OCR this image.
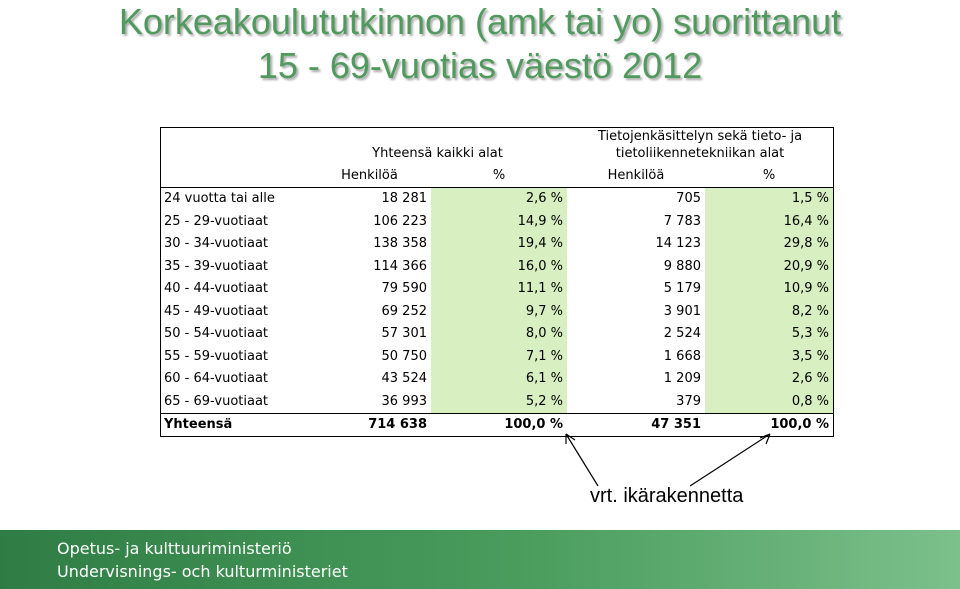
Korkeakoulututkinnon (amk tai yo) suorittanut
15 - 69-vuotias väestö 2012
	Yhteensä kaikki alat		Tietojenkäsittelyn sekä tieto- ja tietoliikennetekniikan alat	
	Henkilöä	%	Henkilöä	%
24 vuotta tai alle	18 281	2,6 %	705	1,5 %
25 - 29-vuotiaat	106 223	14,9 %	7 783	16,4 %
30 - 34-vuotiaat	138 358	19,4 %	14 123	29,8 %
35 - 39-vuotiaat	114 366	16,0 %	9 880	20,9 %
40 - 44-vuotiaat	79 590	11,1 %	5 179	10,9 %
45 - 49-vuotiaat	69 252	9,7 %	3 901	8,2 %
50 - 54-vuotiaat	57 301	8,0 %	2 524	5,3 %
55 - 59-vuotiaat	50 750	7,1 %	1 668	3,5 %
60 - 64-vuotiaat	43 524	6,1 %	1 209	2,6 %
65 - 69-vuotiaat	36 993	5,2 %	379	0,8 %
Yhteensä	714 638	100,0 %	47 351	100,0 %
vrt. ikärakennetta
Opetus- ja kulttuuriministeriö
Undervisnings- och kulturministeriet
